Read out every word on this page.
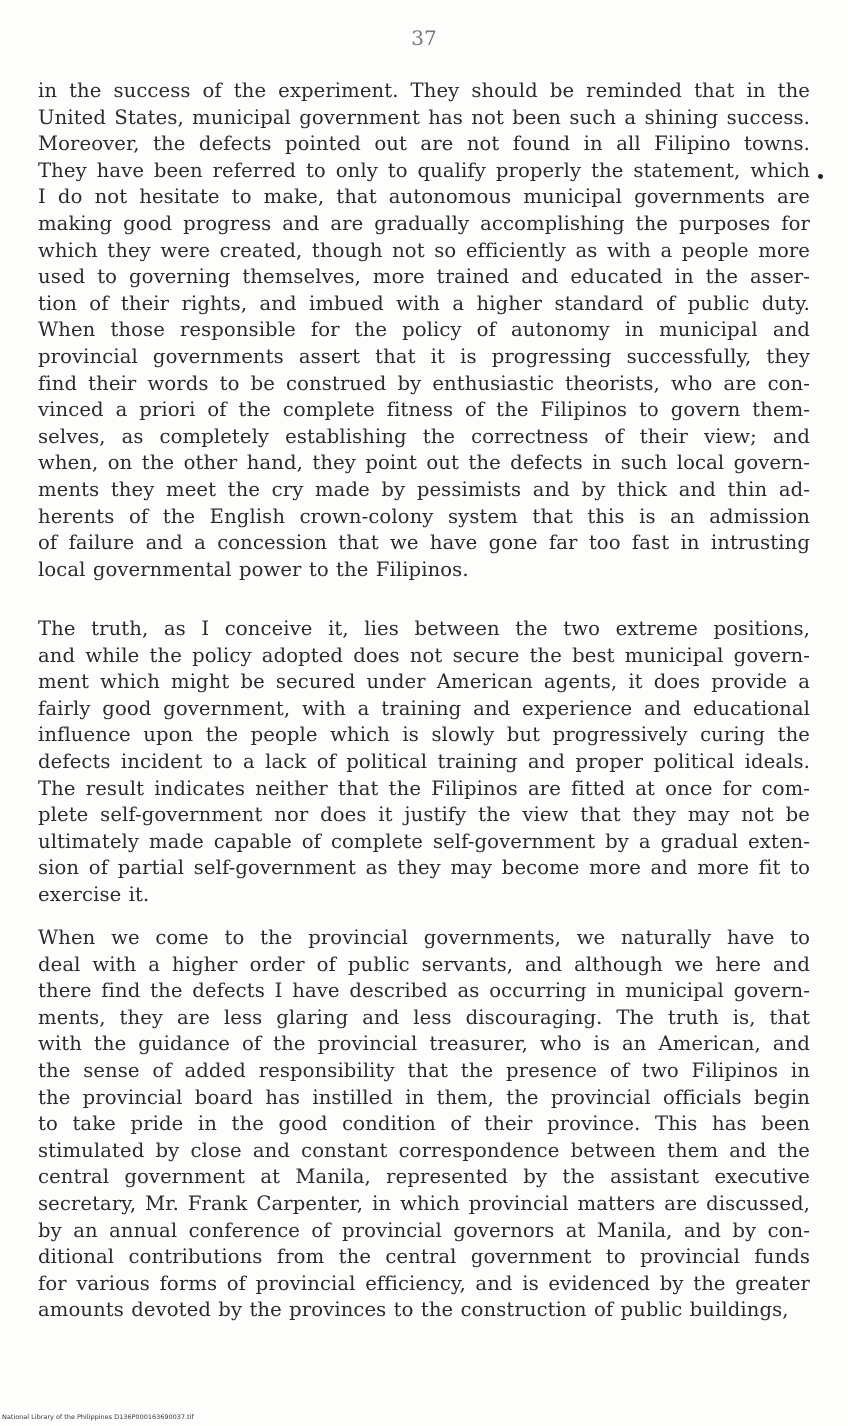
37
in the success of the experiment. They should be reminded that in the
United States, municipal government has not been such a shining success.
Moreover, the defects pointed out are not found in all Filipino towns.
They have been referred to only to qualify properly the statement, which
I do not hesitate to make, that autonomous municipal governments are
making good progress and are gradually accomplishing the purposes for
which they were created, though not so efficiently as with a people more
used to governing themselves, more trained and educated in the asser-
tion of their rights, and imbued with a higher standard of public duty.
When those responsible for the policy of autonomy in municipal and
provincial governments assert that it is progressing successfully, they
find their words to be construed by enthusiastic theorists, who are con-
vinced a priori of the complete fitness of the Filipinos to govern them-
selves, as completely establishing the correctness of their view; and
when, on the other hand, they point out the defects in such local govern-
ments they meet the cry made by pessimists and by thick and thin ad-
herents of the English crown-colony system that this is an admission
of failure and a concession that we have gone far too fast in intrusting
local governmental power to the Filipinos.
The truth, as I conceive it, lies between the two extreme positions,
and while the policy adopted does not secure the best municipal govern-
ment which might be secured under American agents, it does provide a
fairly good government, with a training and experience and educational
influence upon the people which is slowly but progressively curing the
defects incident to a lack of political training and proper political ideals.
The result indicates neither that the Filipinos are fitted at once for com-
plete self-government nor does it justify the view that they may not be
ultimately made capable of complete self-government by a gradual exten-
sion of partial self-government as they may become more and more fit to
exercise it.
When we come to the provincial governments, we naturally have to
deal with a higher order of public servants, and although we here and
there find the defects I have described as occurring in municipal govern-
ments, they are less glaring and less discouraging. The truth is, that
with the guidance of the provincial treasurer, who is an American, and
the sense of added responsibility that the presence of two Filipinos in
the provincial board has instilled in them, the provincial officials begin
to take pride in the good condition of their province. This has been
stimulated by close and constant correspondence between them and the
central government at Manila, represented by the assistant executive
secretary, Mr. Frank Carpenter, in which provincial matters are discussed,
by an annual conference of provincial governors at Manila, and by con-
ditional contributions from the central government to provincial funds
for various forms of provincial efficiency, and is evidenced by the greater
amounts devoted by the provinces to the construction of public buildings,
National Library of the Philippines D136P000163690037.tif
